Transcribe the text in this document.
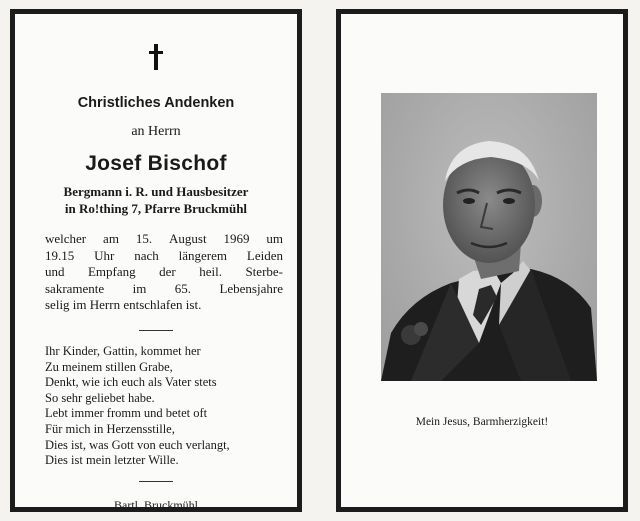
Christliches Andenken
an Herrn
Josef Bischof
Bergmann i. R. und Hausbesitzer
in Ro!thing 7, Pfarre Bruckmühl
welcher am 15. August 1969 um
19.15 Uhr nach längerem Leiden
und Empfang der heil. Sterbe-
sakramente im 65. Lebensjahre
selig im Herrn entschlafen ist.
Ihr Kinder, Gattin, kommet her
Zu meinem stillen Grabe,
Denkt, wie ich euch als Vater stets
So sehr geliebet habe.
Lebt immer fromm und betet oft
Für mich in Herzensstille,
Dies ist, was Gott von euch verlangt,
Dies ist mein letzter Wille.
Bartl, Bruckmühl
Mein Jesus, Barmherzigkeit!
